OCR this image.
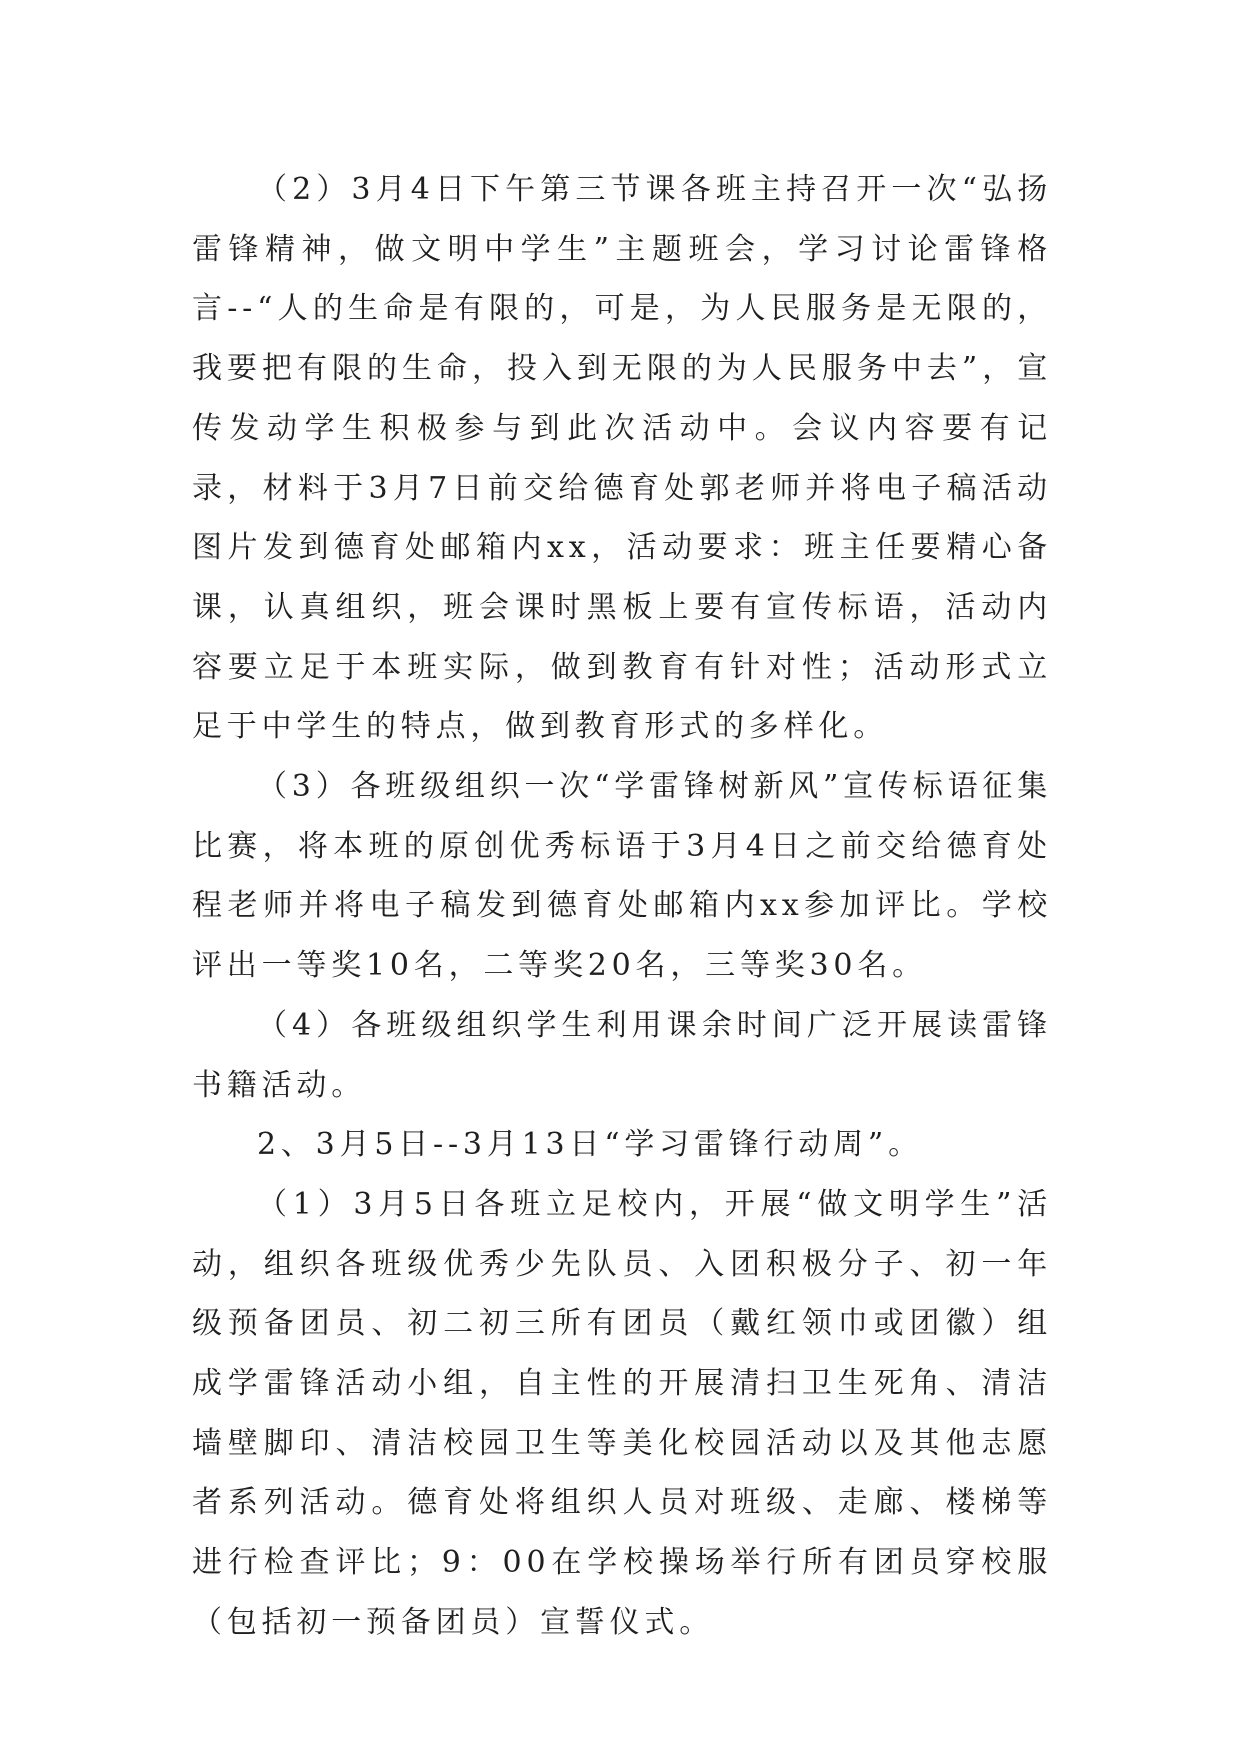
（2）3月4日下午第三节课各班主持召开一次“弘扬雷锋精神，做文明中学生”主题班会，学习讨论雷锋格言--“人的生命是有限的，可是，为人民服务是无限的，我要把有限的生命，投入到无限的为人民服务中去”，宣传发动学生积极参与到此次活动中。会议内容要有记录，材料于3月7日前交给德育处郭老师并将电子稿活动图片发到德育处邮箱内xx，活动要求：班主任要精心备课，认真组织，班会课时黑板上要有宣传标语，活动内容要立足于本班实际，做到教育有针对性；活动形式立足于中学生的特点，做到教育形式的多样化。

（3）各班级组织一次“学雷锋树新风”宣传标语征集比赛，将本班的原创优秀标语于3月4日之前交给德育处程老师并将电子稿发到德育处邮箱内xx参加评比。学校评出一等奖10名，二等奖20名，三等奖30名。

（4）各班级组织学生利用课余时间广泛开展读雷锋书籍活动。

2、3月5日--3月13日“学习雷锋行动周”。

（1）3月5日各班立足校内，开展“做文明学生”活动，组织各班级优秀少先队员、入团积极分子、初一年级预备团员、初二初三所有团员（戴红领巾或团徽）组成学雷锋活动小组，自主性的开展清扫卫生死角、清洁墙壁脚印、清洁校园卫生等美化校园活动以及其他志愿者系列活动。德育处将组织人员对班级、走廊、楼梯等进行检查评比；9：00在学校操场举行所有团员穿校服（包括初一预备团员）宣誓仪式。
